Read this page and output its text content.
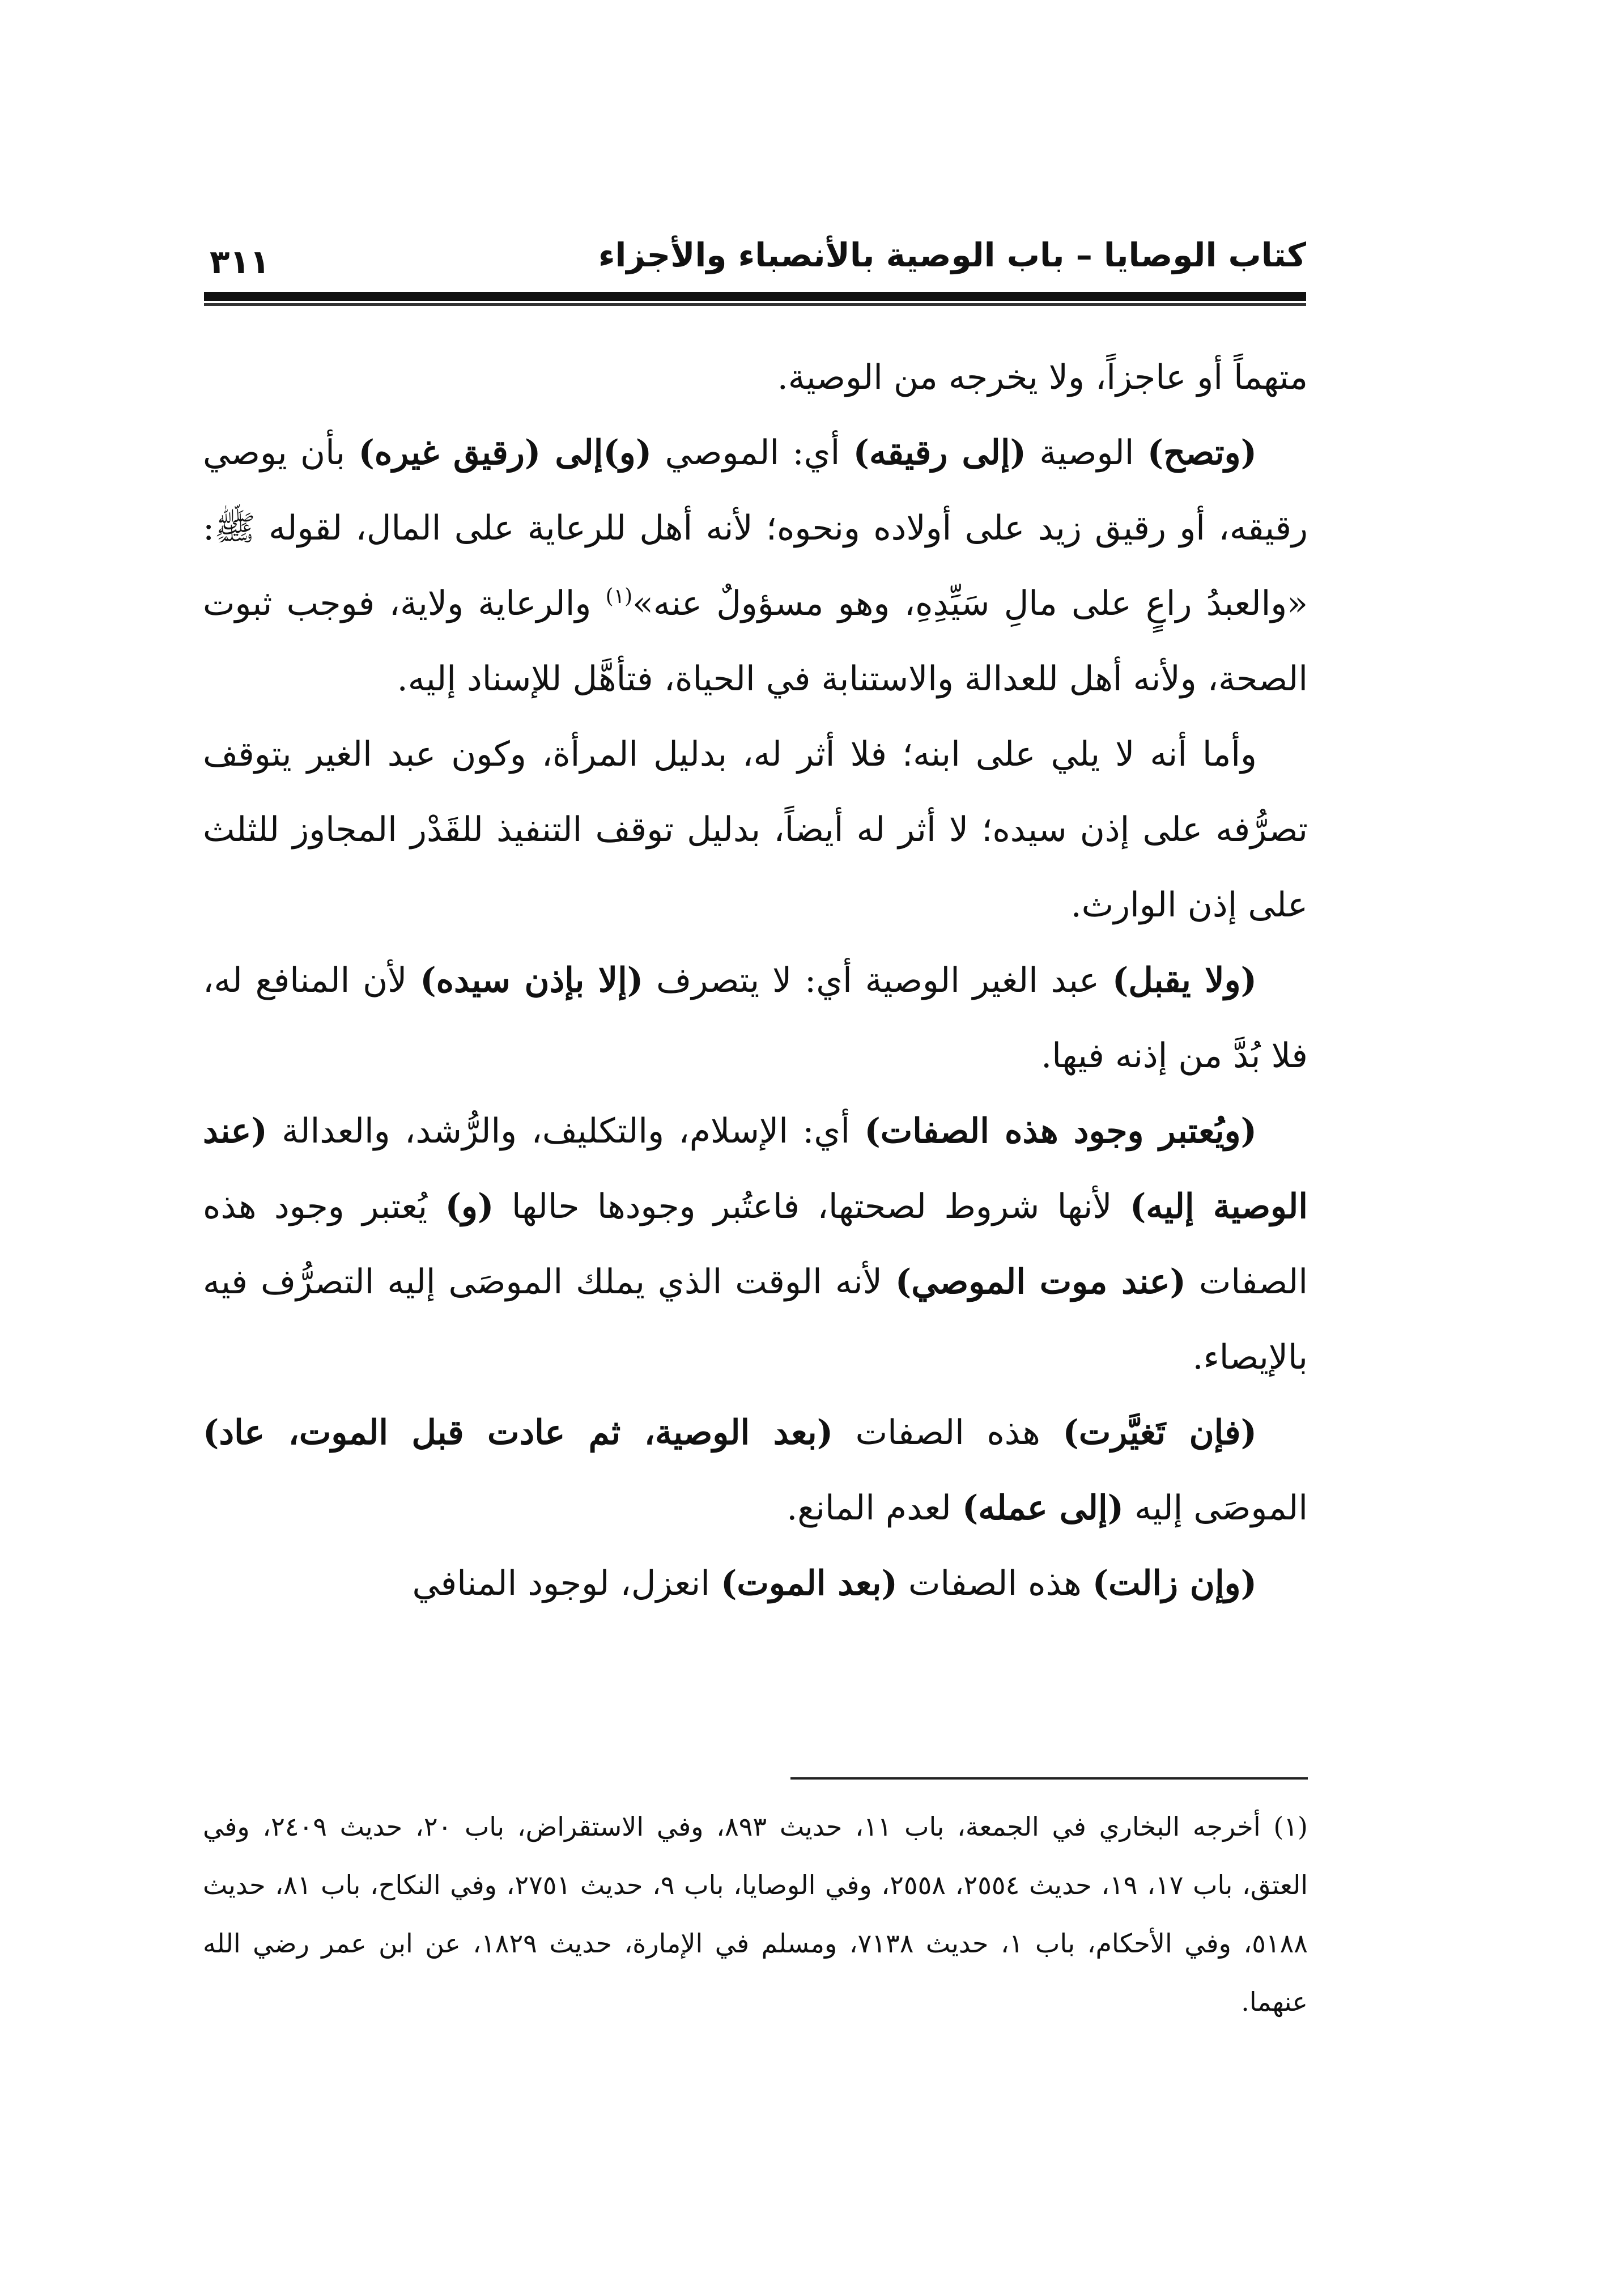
كتاب الوصايا – باب الوصية بالأنصباء والأجزاء
٣١١

متهماً أو عاجزاً، ولا يخرجه من الوصية.

(وتصح) الوصية (إلى رقيقه) أي: الموصي (و)إلى (رقيق غيره) بأن يوصي رقيقه، أو رقيق زيد على أولاده ونحوه؛ لأنه أهل للرعاية على المال، لقوله ﷺ: «والعبدُ راعٍ على مالِ سَيِّدِهِ، وهو مسؤولٌ عنه»$^{(١)}$ والرعاية ولاية، فوجب ثبوت الصحة، ولأنه أهل للعدالة والاستنابة في الحياة، فتأهَّل للإسناد إليه.

وأما أنه لا يلي على ابنه؛ فلا أثر له، بدليل المرأة، وكون عبد الغير يتوقف تصرُّفه على إذن سيده؛ لا أثر له أيضاً، بدليل توقف التنفيذ للقَدْر المجاوز للثلث على إذن الوارث.

(ولا يقبل) عبد الغير الوصية أي: لا يتصرف (إلا بإذن سيده) لأن المنافع له، فلا بُدَّ من إذنه فيها.

(ويُعتبر وجود هذه الصفات) أي: الإسلام، والتكليف، والرُّشد، والعدالة (عند الوصية إليه) لأنها شروط لصحتها، فاعتُبر وجودها حالها (و) يُعتبر وجود هذه الصفات (عند موت الموصي) لأنه الوقت الذي يملك الموصَى إليه التصرُّف فيه بالإيصاء.

(فإن تَغيَّرت) هذه الصفات (بعد الوصية، ثم عادت قبل الموت، عاد) الموصَى إليه (إلى عمله) لعدم المانع.

(وإن زالت) هذه الصفات (بعد الموت) انعزل، لوجود المنافي

(١) أخرجه البخاري في الجمعة، باب ١١، حديث ٨٩٣، وفي الاستقراض، باب ٢٠، حديث ٢٤٠٩، وفي العتق، باب ١٧، ١٩، حديث ٢٥٥٤، ٢٥٥٨، وفي الوصايا، باب ٩، حديث ٢٧٥١، وفي النكاح، باب ٨١، حديث ٥١٨٨، وفي الأحكام، باب ١، حديث ٧١٣٨، ومسلم في الإمارة، حديث ١٨٢٩، عن ابن عمر رضي الله عنهما.
